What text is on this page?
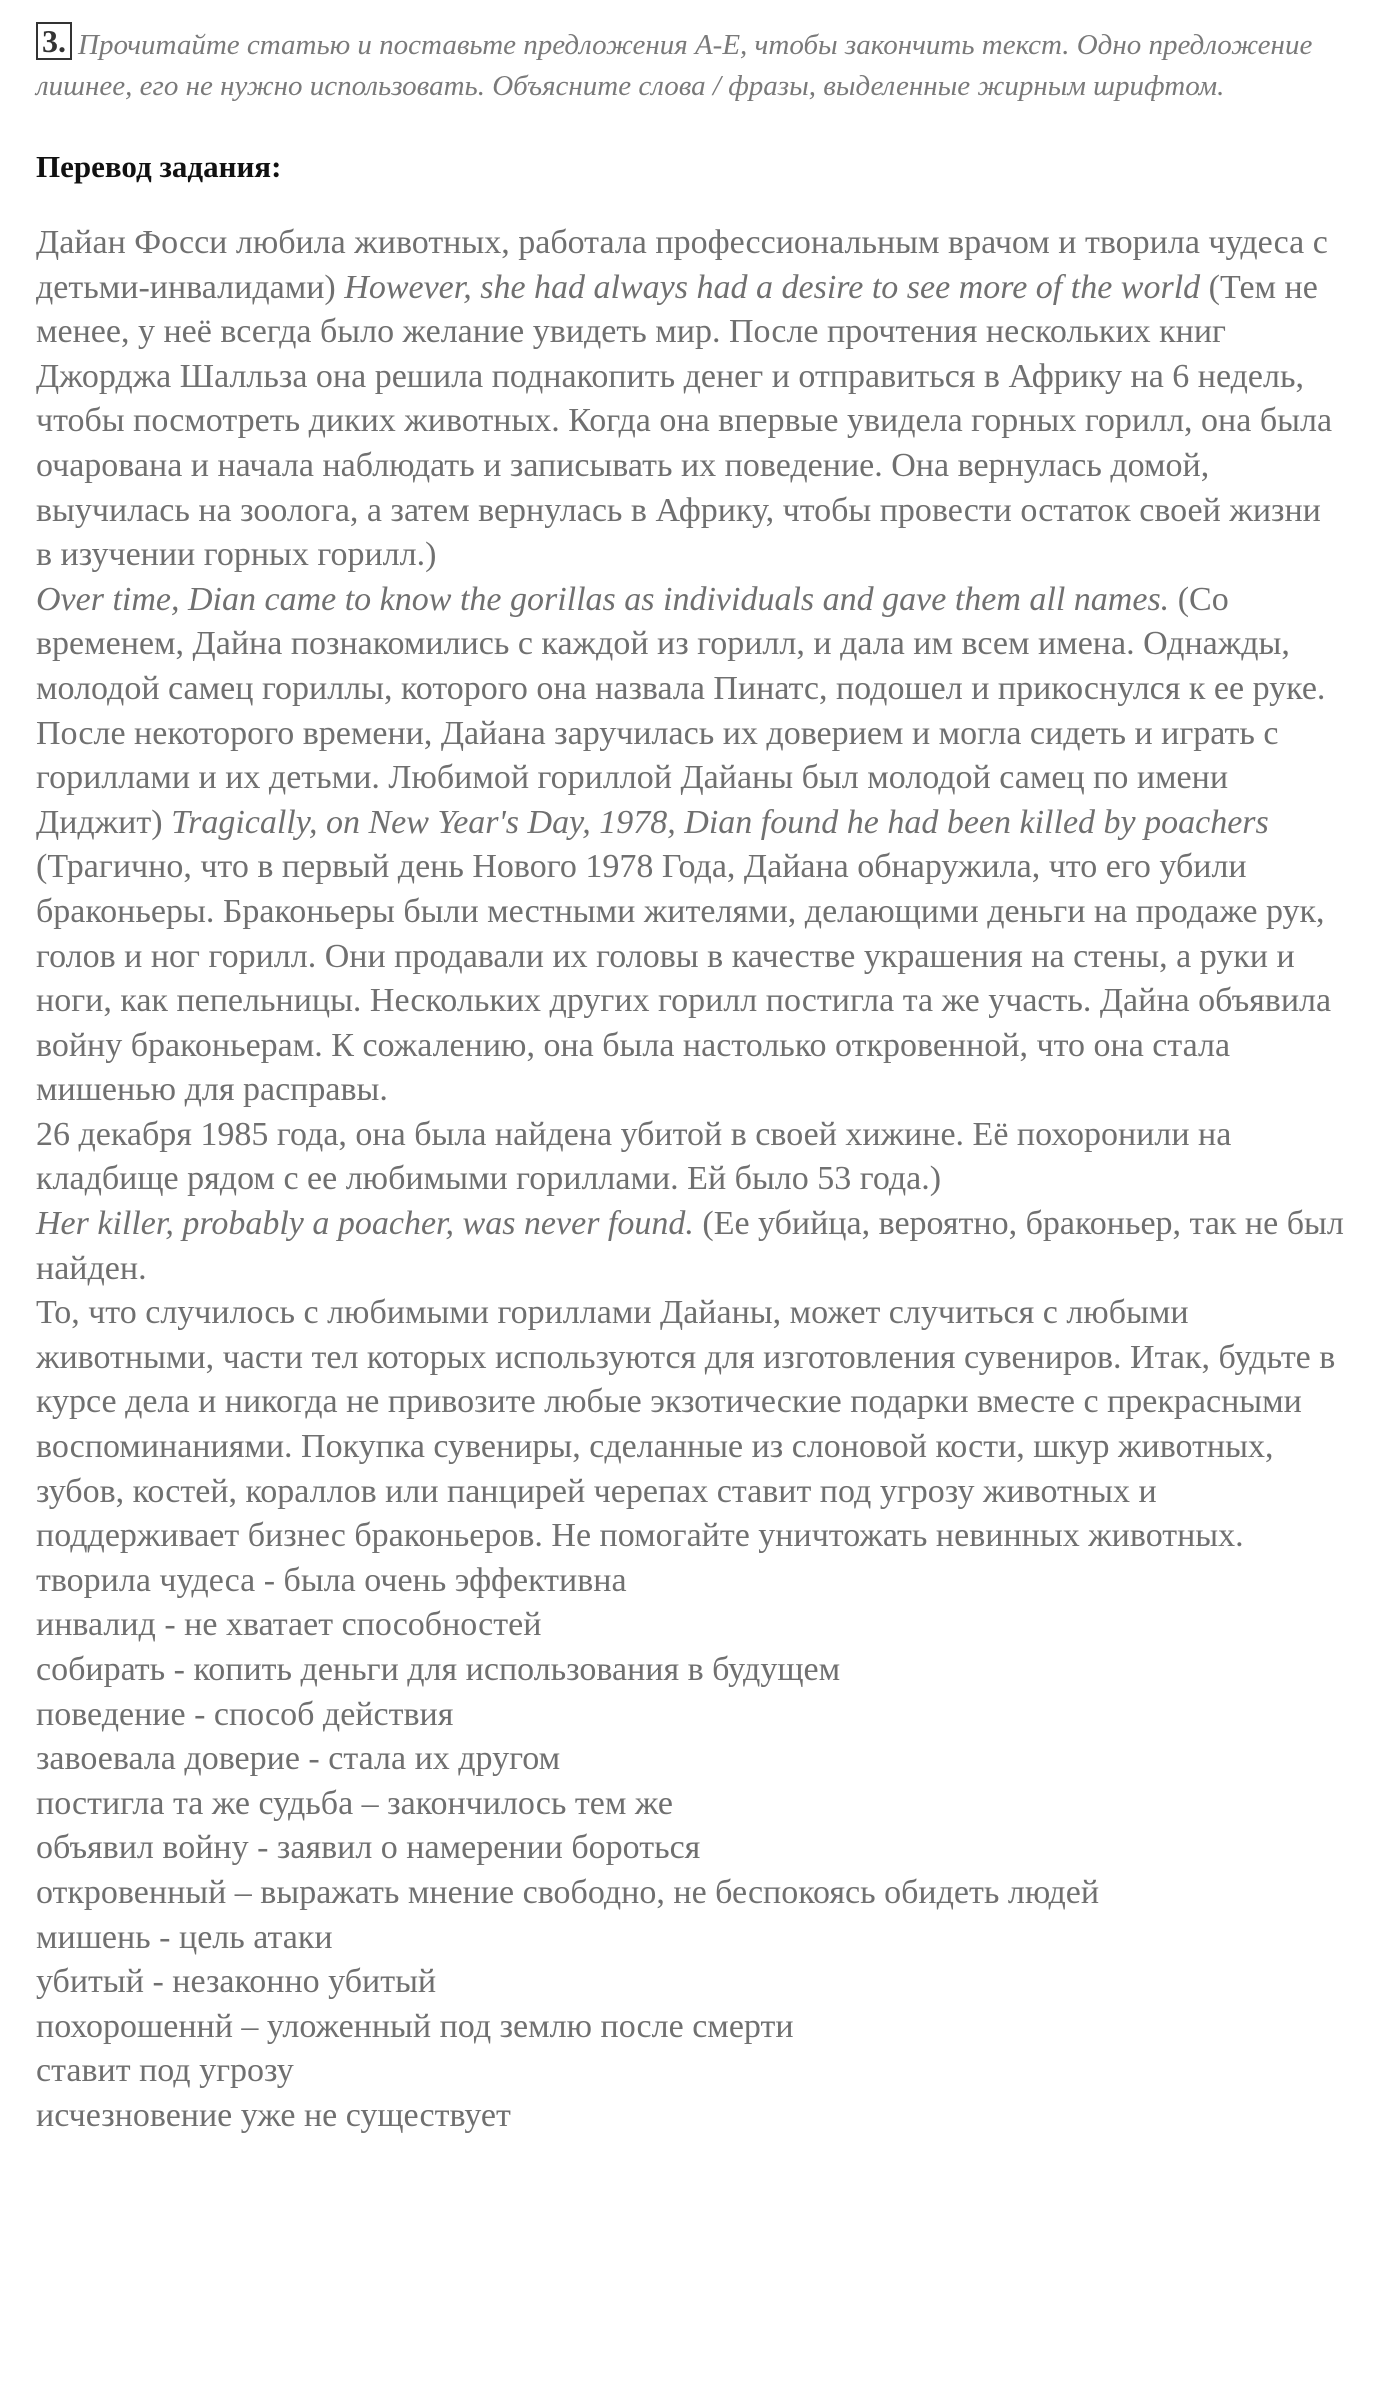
3. Прочитайте статью и поставьте предложения A-E, чтобы закончить текст. Одно предложение лишнее, его не нужно использовать. Объясните слова / фразы, выделенные жирным шрифтом.

Перевод задания:

Дайан Фосси любила животных, работала профессиональным врачом и творила чудеса с детьми-инвалидами) However, she had always had a desire to see more of the world (Тем не менее, у неё всегда было желание увидеть мир. После прочтения нескольких книг Джорджа Шалльза она решила поднакопить денег и отправиться в Африку на 6 недель, чтобы посмотреть диких животных. Когда она впервые увидела горных горилл, она была очарована и начала наблюдать и записывать их поведение. Она вернулась домой, выучилась на зоолога, а затем вернулась в Африку, чтобы провести остаток своей жизни в изучении горных горилл.)

Over time, Dian came to know the gorillas as individuals and gave them all names. (Со временем, Дайна познакомились с каждой из горилл, и дала им всем имена. Однажды, молодой самец гориллы, которого она назвала Пинатс, подошел и прикоснулся к ее руке. После некоторого времени, Дайана заручилась их доверием и могла сидеть и играть с гориллами и их детьми. Любимой гориллой Дайаны был молодой самец по имени Диджит) Tragically, on New Year's Day, 1978, Dian found he had been killed by poachers (Трагично, что в первый день Нового 1978 Года, Дайана обнаружила, что его убили браконьеры. Браконьеры были местными жителями, делающими деньги на продаже рук, голов и ног горилл. Они продавали их головы в качестве украшения на стены, а руки и ноги, как пепельницы. Нескольких других горилл постигла та же участь. Дайна объявила войну браконьерам. К сожалению, она была настолько откровенной, что она стала мишенью для расправы.

26 декабря 1985 года, она была найдена убитой в своей хижине. Её похоронили на кладбище рядом с ее любимыми гориллами. Ей было 53 года.)

Her killer, probably a poacher, was never found. (Ее убийца, вероятно, браконьер, так не был найден.

То, что случилось с любимыми гориллами Дайаны, может случиться с любыми животными, части тел которых используются для изготовления сувениров. Итак, будьте в курсе дела и никогда не привозите любые экзотические подарки вместе с прекрасными воспоминаниями. Покупка сувениры, сделанные из слоновой кости, шкур животных, зубов, костей, кораллов или панцирей черепах ставит под угрозу животных и поддерживает бизнес браконьеров. Не помогайте уничтожать невинных животных.

творила чудеса - была очень эффективна
инвалид - не хватает способностей
собирать - копить деньги для использования в будущем
поведение - способ действия
завоевала доверие - стала их другом
постигла та же судьба – закончилось тем же
объявил войну - заявил о намерении бороться
откровенный – выражать мнение свободно, не беспокоясь обидеть людей
мишень - цель атаки
убитый - незаконно убитый
похорошеннй – уложенный под землю после смерти
ставит под угрозу
исчезновение уже не существует
